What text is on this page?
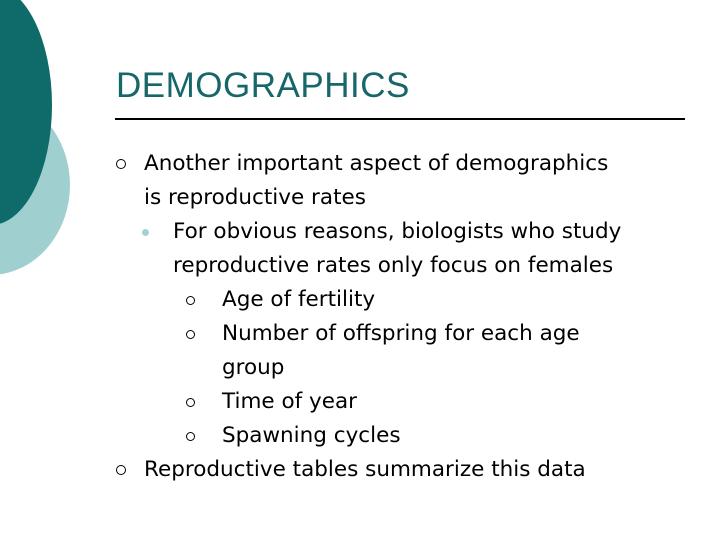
DEMOGRAPHICS
Another important aspect of demographics
is reproductive rates
For obvious reasons, biologists who study
reproductive rates only focus on females
Age of fertility
Number of offspring for each age
group
Time of year
Spawning cycles
Reproductive tables summarize this data
